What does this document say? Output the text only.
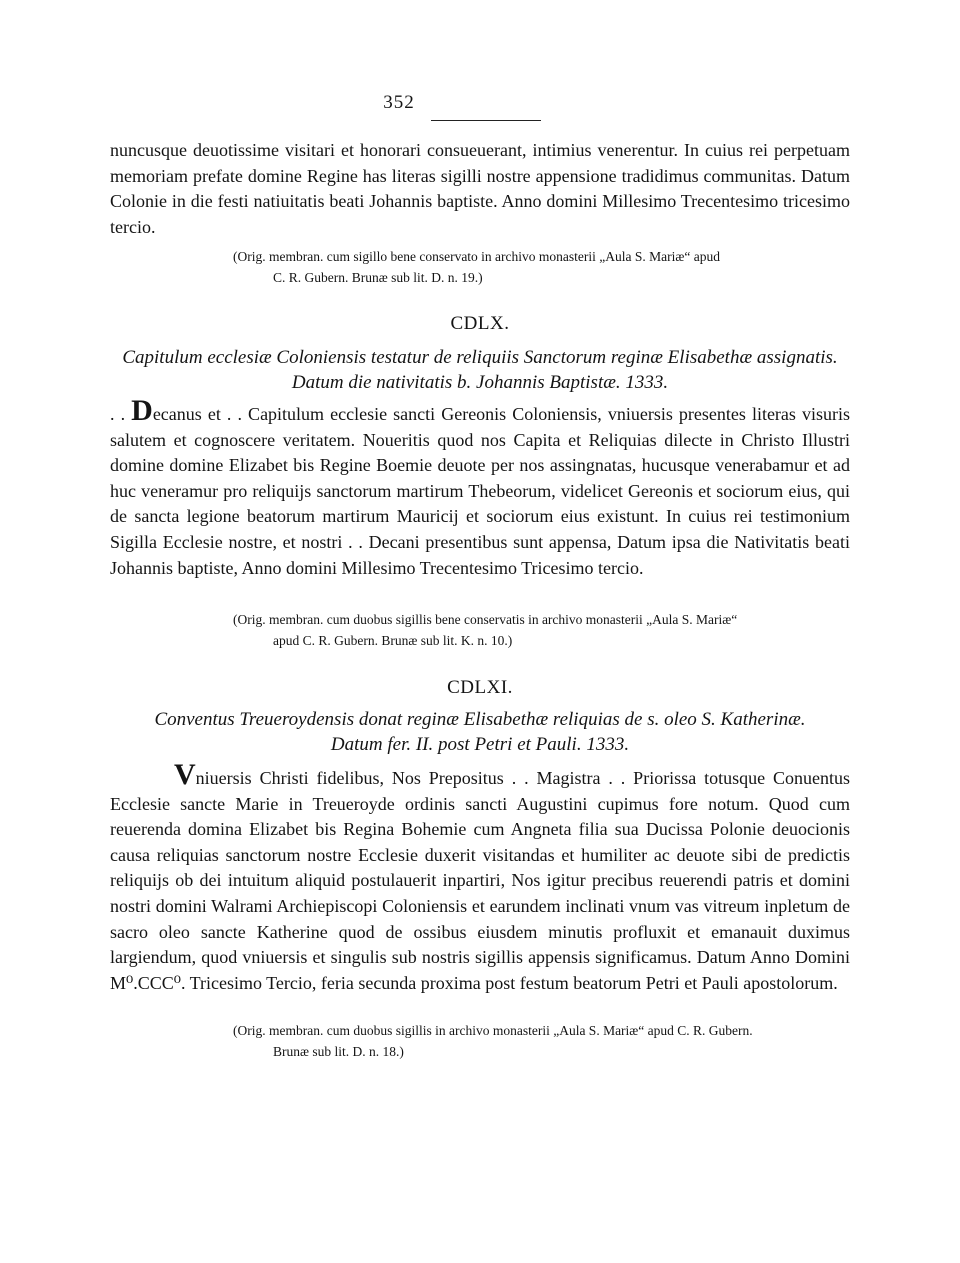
352

nuncusque deuotissime visitari et honorari consueuerant, intimius venerentur. In cuius rei perpetuam memoriam prefate domine Regine has literas sigilli nostre appensione tradidimus communitas. Datum Colonie in die festi natiuitatis beati Johannis baptiste. Anno domini Millesimo Trecentesimo tricesimo tercio.

(Orig. membran. cum sigillo bene conservato in archivo monasterii „Aula S. Mariæ“ apud
C. R. Gubern. Brunæ sub lit. D. n. 19.)

CDLX.
Capitulum ecclesiæ Coloniensis testatur de reliquiis Sanctorum reginæ Elisabethæ assignatis. Datum die nativitatis b. Johannis Baptistæ. 1333.

. . Decanus et . . Capitulum ecclesie sancti Gereonis Coloniensis, vniuersis presentes literas visuris salutem et cognoscere veritatem. Noueritis quod nos Capita et Reliquias dilecte in Christo Illustri domine domine Elizabet bis Regine Boemie deuote per nos assingnatas, hucusque venerabamur et ad huc veneramur pro reliquijs sanctorum martirum Thebeorum, videlicet Gereonis et sociorum eius, qui de sancta legione beatorum martirum Mauricij et sociorum eius existunt. In cuius rei testimonium Sigilla Ecclesie nostre, et nostri . . Decani presentibus sunt appensa, Datum ipsa die Nativitatis beati Johannis baptiste, Anno domini Millesimo Trecentesimo Tricesimo tercio.

(Orig. membran. cum duobus sigillis bene conservatis in archivo monasterii „Aula S. Mariæ“
apud C. R. Gubern. Brunæ sub lit. K. n. 10.)

CDLXI.
Conventus Treueroydensis donat reginæ Elisabethæ reliquias de s. oleo S. Katherinæ.
Datum fer. II. post Petri et Pauli. 1333.

Vniuersis Christi fidelibus, Nos Prepositus . . Magistra . . Priorissa totusque Conuentus Ecclesie sancte Marie in Treueroyde ordinis sancti Augustini cupimus fore notum. Quod cum reuerenda domina Elizabet bis Regina Bohemie cum Angneta filia sua Ducissa Polonie deuocionis causa reliquias sanctorum nostre Ecclesie duxerit visitandas et humiliter ac deuote sibi de predictis reliquijs ob dei intuitum aliquid postulauerit inpartiri, Nos igitur precibus reuerendi patris et domini nostri domini Walrami Archiepiscopi Coloniensis et earundem inclinati vnum vas vitreum inpletum de sacro oleo sancte Katherine quod de ossibus eiusdem minutis profluxit et emanauit duximus largiendum, quod vniuersis et singulis sub nostris sigillis appensis significamus. Datum Anno Domini M⁰.CCC⁰. Tricesimo Tercio, feria secunda proxima post festum beatorum Petri et Pauli apostolorum.

(Orig. membran. cum duobus sigillis in archivo monasterii „Aula S. Mariæ“ apud C. R. Gubern.
Brunæ sub lit. D. n. 18.)
